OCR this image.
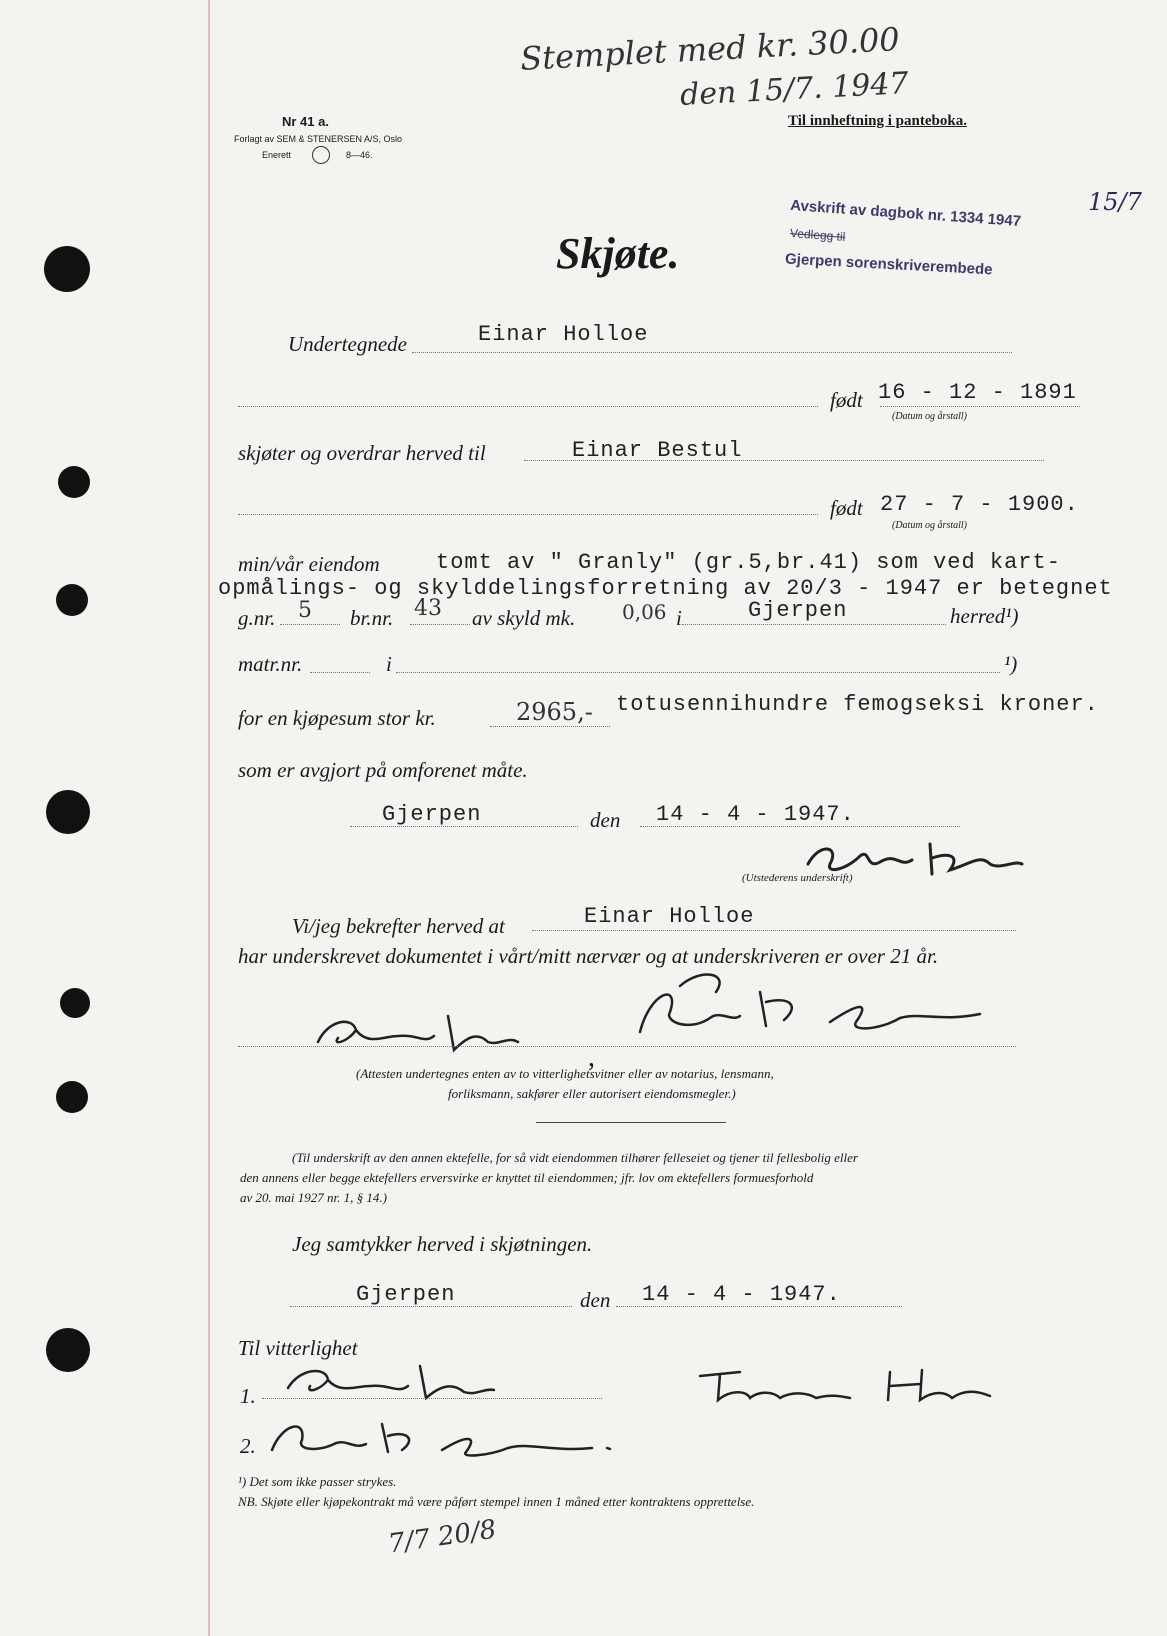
Stemplet med kr. 30.00
den 15/7. 1947
Nr 41 a.
Forlagt av SEM & STENERSEN A/S, Oslo
Enerett	8—46.
Til innheftning i panteboka.
Avskrift av dagbok nr. 1334 1947
Vedlegg til
Gjerpen sorenskriverembede
15/7
Skjøte.
Undertegnede	Einar Holloe
født 16 - 12 - 1891
(Datum og årstall)
skjøter og overdrar herved til	Einar Bestul
født 27 - 7 - 1900.
(Datum og årstall)
min/vår eiendom	tomt av " Granly" (gr.5,br.41) som ved kart-
opmålings- og skylddelingsforretning av 20/3 - 1947 er betegnet
g.nr. 5 br.nr. 43 av skyld mk. 0,06 i	Gjerpen	herred¹)
matr.nr.	i	¹)
for en kjøpesum stor kr.	2965,- totusennihundre femogseksi kroner.
som er avgjort på omforenet måte.
Gjerpen	den 14 - 4 - 1947.
(Utstederens underskrift)
Vi/jeg bekrefter herved at	Einar Holloe
har underskrevet dokumentet i vårt/mitt nærvær og at underskriveren er over 21 år.
,
(Attesten undertegnes enten av to vitterlighetsvitner eller av notarius, lensmann,
forliksmann, sakfører eller autorisert eiendomsmegler.)
(Til underskrift av den annen ektefelle, for så vidt eiendommen tilhører felleseiet og tjener til fellesbolig eller
den annens eller begge ektefellers erversvirke er knyttet til eiendommen; jfr. lov om ektefellers formuesforhold
av 20. mai 1927 nr. 1, § 14.)
Jeg samtykker herved i skjøtningen.
Gjerpen	den 14 - 4 - 1947.
Til vitterlighet
1.
2.
¹) Det som ikke passer strykes.
NB. Skjøte eller kjøpekontrakt må være påført stempel innen 1 måned etter kontraktens opprettelse.
7/7 20/8
